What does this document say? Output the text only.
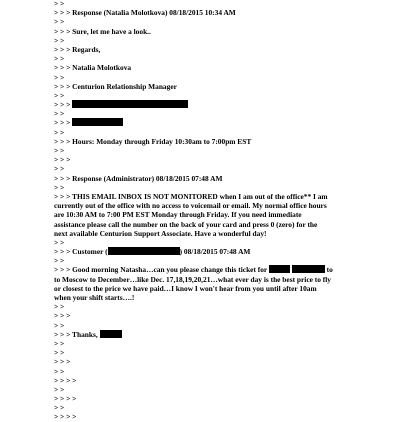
> >
> > > Response (Natalia Molotkova) 08/18/2015 10:34 AM
> >
> > > Sure, let me have a look..
> >
> > > Regards,
> >
> > > Natalia Molotkova
> >
> > > Centurion Relationship Manager
> >
> > >
> >
> > >
> >
> > > Hours: Monday through Friday 10:30am to 7:00pm EST
> >
> > >
> >
> > > Response (Administrator) 08/18/2015 07:48 AM
> >
> > > THIS EMAIL INBOX IS NOT MONITORED when I am out of the office** I am
currently out of the office with no access to voicemail or email. My normal office hours
are 10:30 AM to 7:00 PM EST Monday through Friday. If you need immediate
assistance please call the number on the back of your card and press 0 (zero) for the
next available Centurion Support Associate. Have a wonderful day!
> >
> > > Customer (	) 08/18/2015 07:48 AM
> >
> > > Good morning Natasha…can you please change this ticket for	to
to Moscow to December…like Dec. 17,18,19,20,21…what ever day is the best price to fly
or closest to the price we have paid…I know I won't hear from you until after 10am
when your shift starts….!
> >
> > >
> >
> > > Thanks,
> >
> >
> > >
> >
> > > >
> >
> > > >
> >
> > > >
